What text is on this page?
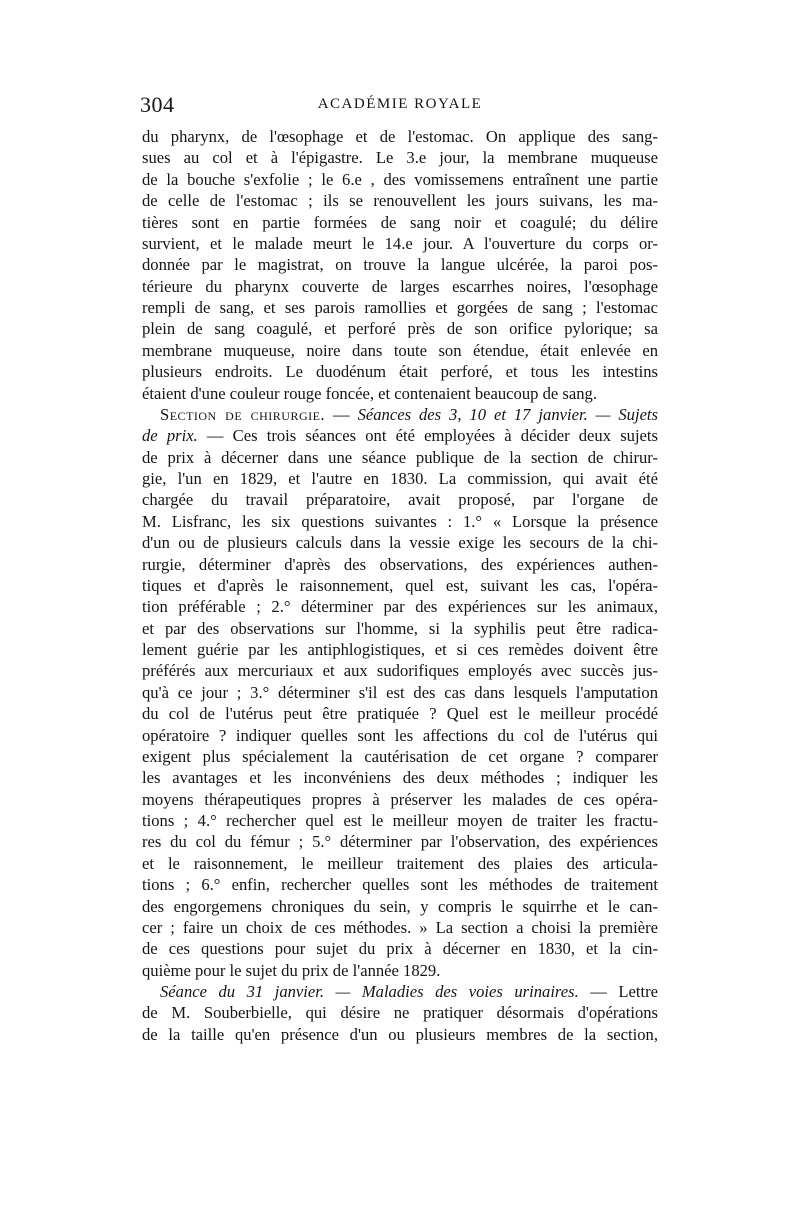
304	ACADÉMIE ROYALE
du pharynx, de l'œsophage et de l'estomac. On applique des sang-
sues au col et à l'épigastre. Le 3.e jour, la membrane muqueuse
de la bouche s'exfolie ; le 6.e , des vomissemens entraînent une partie
de celle de l'estomac ; ils se renouvellent les jours suivans, les ma-
tières sont en partie formées de sang noir et coagulé; du délire
survient, et le malade meurt le 14.e jour. A l'ouverture du corps or-
donnée par le magistrat, on trouve la langue ulcérée, la paroi pos-
térieure du pharynx couverte de larges escarrhes noires, l'œsophage
rempli de sang, et ses parois ramollies et gorgées de sang ; l'estomac
plein de sang coagulé, et perforé près de son orifice pylorique; sa
membrane muqueuse, noire dans toute son étendue, était enlevée en
plusieurs endroits. Le duodénum était perforé, et tous les intestins
étaient d'une couleur rouge foncée, et contenaient beaucoup de sang.
Section de chirurgie. — Séances des 3, 10 et 17 janvier. — Sujets
de prix. — Ces trois séances ont été employées à décider deux sujets
de prix à décerner dans une séance publique de la section de chirur-
gie, l'un en 1829, et l'autre en 1830. La commission, qui avait été
chargée du travail préparatoire, avait proposé, par l'organe de
M. Lisfranc, les six questions suivantes : 1.° « Lorsque la présence
d'un ou de plusieurs calculs dans la vessie exige les secours de la chi-
rurgie, déterminer d'après des observations, des expériences authen-
tiques et d'après le raisonnement, quel est, suivant les cas, l'opéra-
tion préférable ; 2.° déterminer par des expériences sur les animaux,
et par des observations sur l'homme, si la syphilis peut être radica-
lement guérie par les antiphlogistiques, et si ces remèdes doivent être
préférés aux mercuriaux et aux sudorifiques employés avec succès jus-
qu'à ce jour ; 3.° déterminer s'il est des cas dans lesquels l'amputation
du col de l'utérus peut être pratiquée ? Quel est le meilleur procédé
opératoire ? indiquer quelles sont les affections du col de l'utérus qui
exigent plus spécialement la cautérisation de cet organe ? comparer
les avantages et les inconvéniens des deux méthodes ; indiquer les
moyens thérapeutiques propres à préserver les malades de ces opéra-
tions ; 4.° rechercher quel est le meilleur moyen de traiter les fractu-
res du col du fémur ; 5.° déterminer par l'observation, des expériences
et le raisonnement, le meilleur traitement des plaies des articula-
tions ; 6.° enfin, rechercher quelles sont les méthodes de traitement
des engorgemens chroniques du sein, y compris le squirrhe et le can-
cer ; faire un choix de ces méthodes. » La section a choisi la première
de ces questions pour sujet du prix à décerner en 1830, et la cin-
quième pour le sujet du prix de l'année 1829.
Séance du 31 janvier. — Maladies des voies urinaires. — Lettre
de M. Souberbielle, qui désire ne pratiquer désormais d'opérations
de la taille qu'en présence d'un ou plusieurs membres de la section,
